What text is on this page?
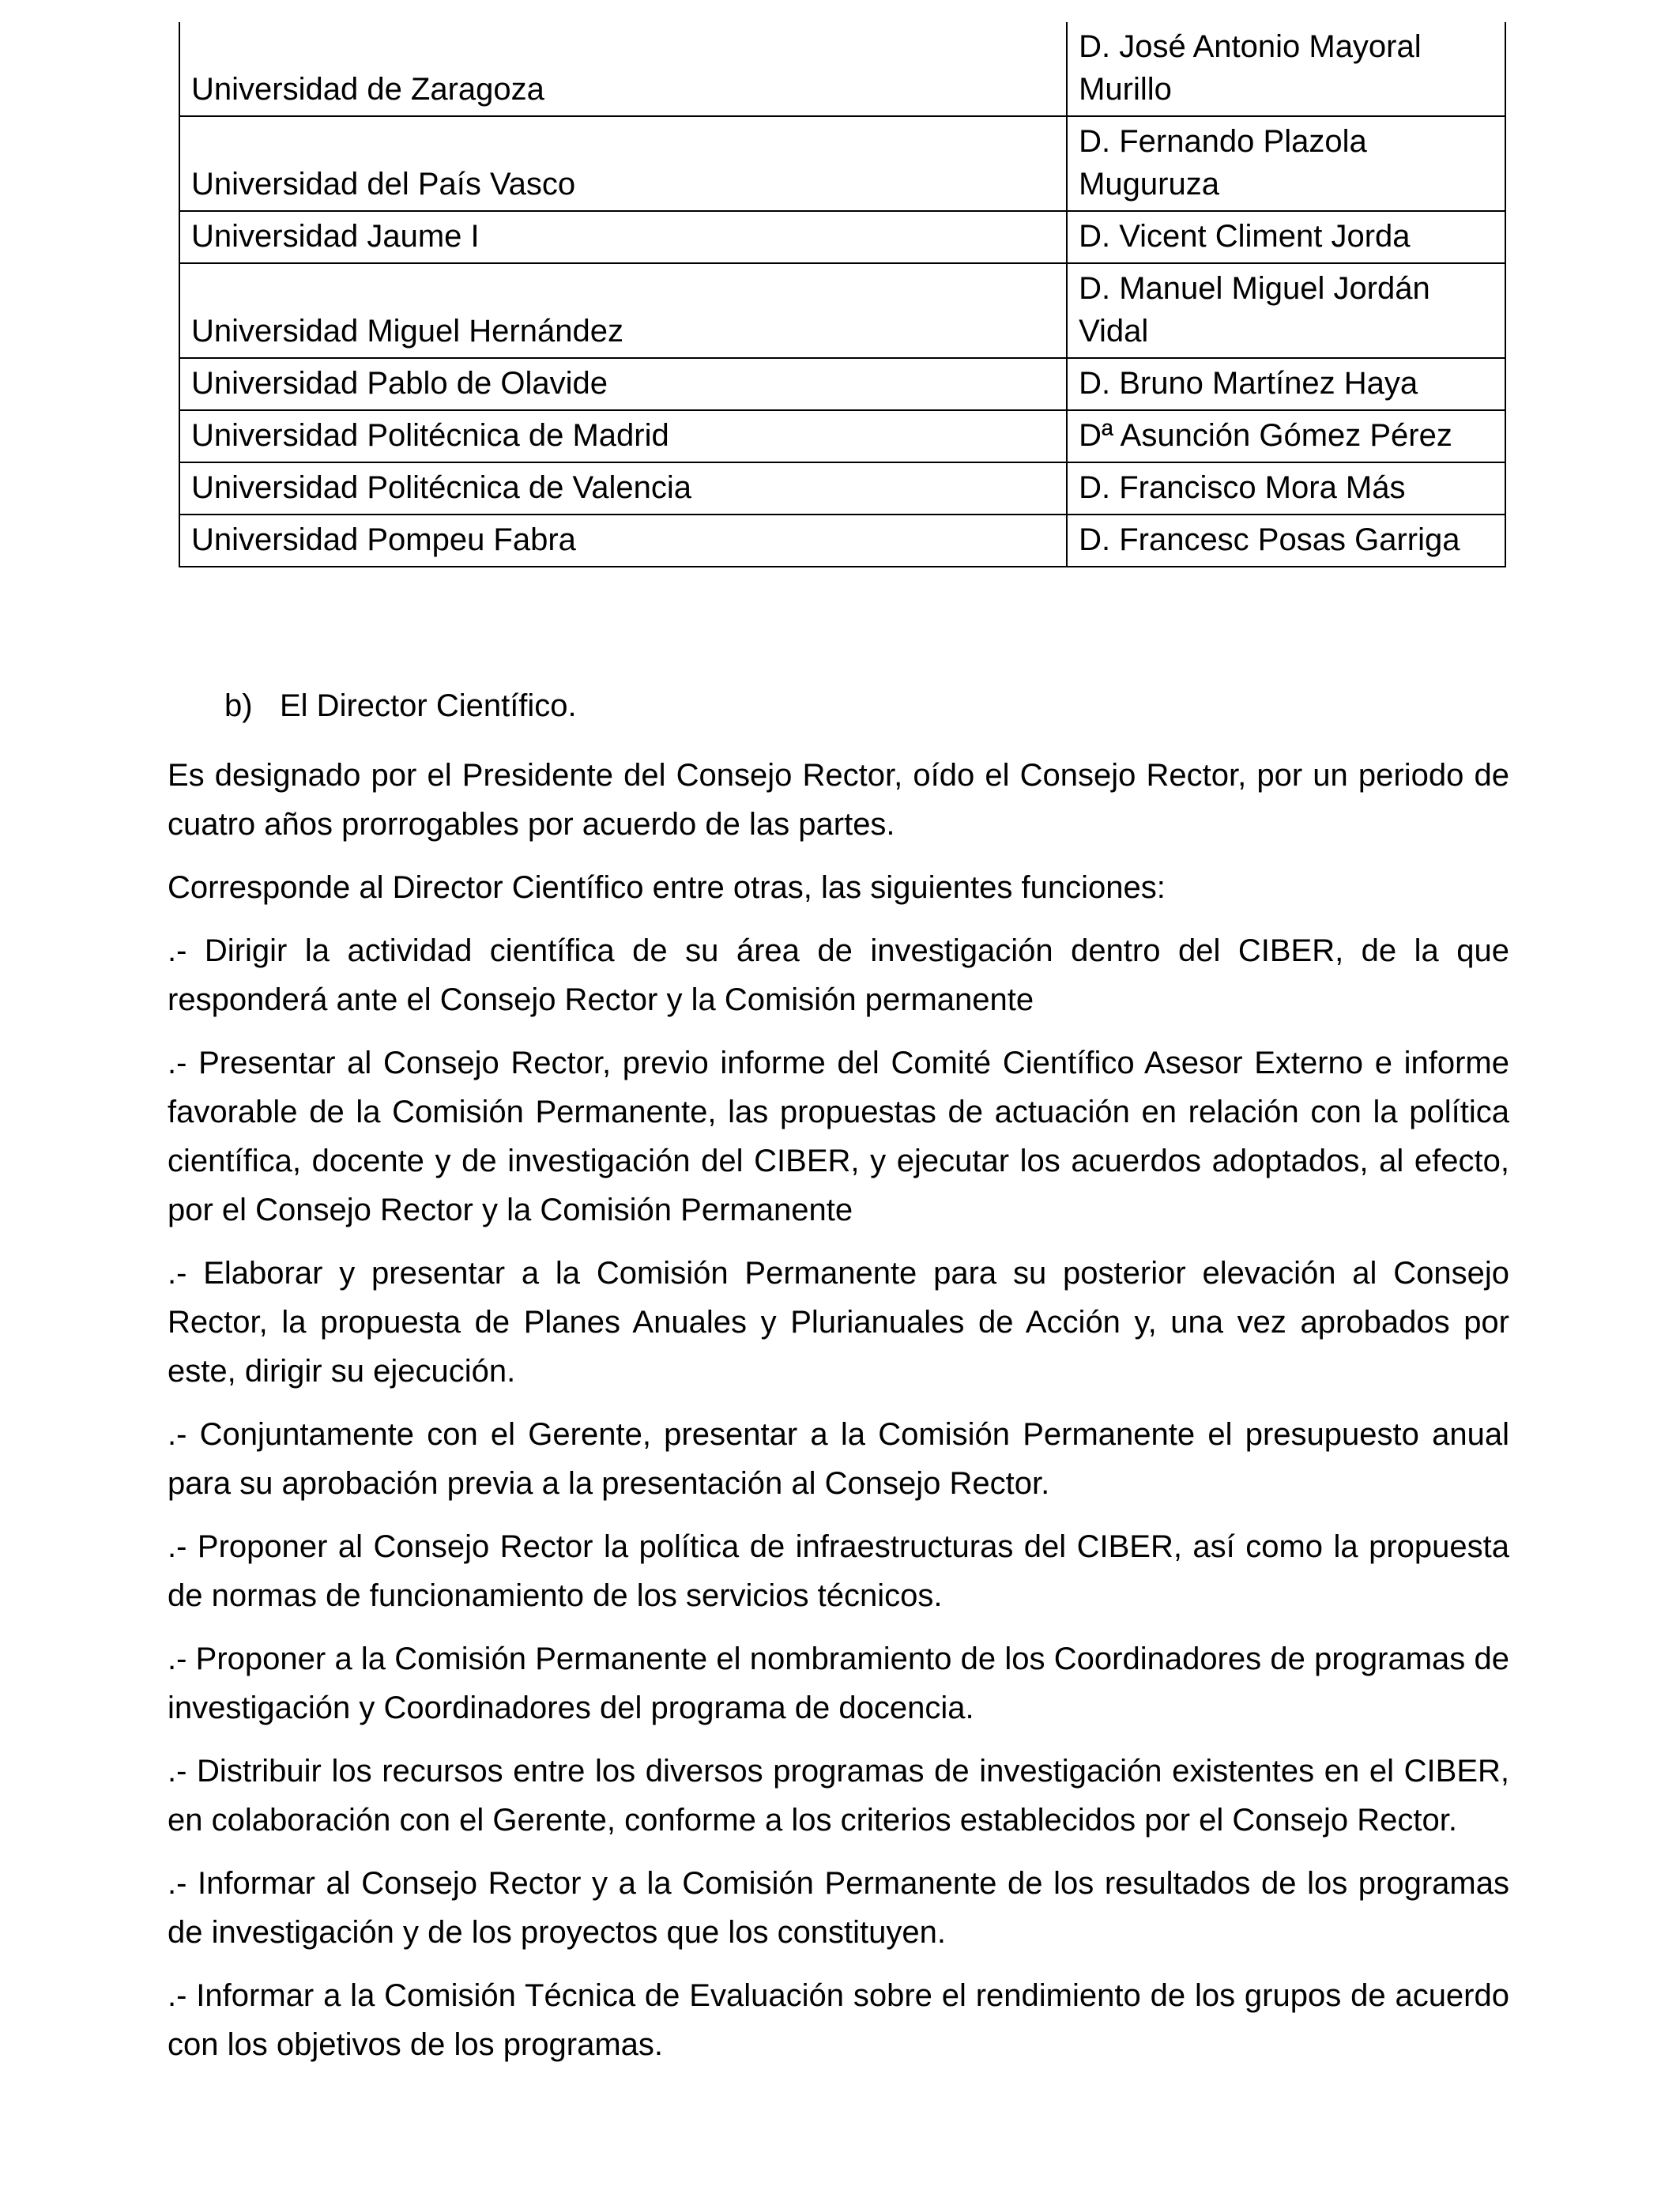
Universidad de Zaragoza	D. José Antonio Mayoral Murillo
Universidad del País Vasco	D. Fernando Plazola Muguruza
Universidad Jaume I	D. Vicent Climent Jorda
Universidad Miguel Hernández	D. Manuel Miguel Jordán Vidal
Universidad Pablo de Olavide	D. Bruno Martínez Haya
Universidad Politécnica de Madrid	Dª Asunción Gómez Pérez
Universidad Politécnica de Valencia	D. Francisco Mora Más
Universidad Pompeu Fabra	D. Francesc Posas Garriga
b) El Director Científico.

Es designado por el Presidente del Consejo Rector, oído el Consejo Rector, por un periodo de cuatro años prorrogables por acuerdo de las partes.

Corresponde al Director Científico entre otras, las siguientes funciones:

.- Dirigir la actividad científica de su área de investigación dentro del CIBER, de la que responderá ante el Consejo Rector y la Comisión permanente

.- Presentar al Consejo Rector, previo informe del Comité Científico Asesor Externo e informe favorable de la Comisión Permanente, las propuestas de actuación en relación con la política científica, docente y de investigación del CIBER, y ejecutar los acuerdos adoptados, al efecto, por el Consejo Rector y la Comisión Permanente

.- Elaborar y presentar a la Comisión Permanente para su posterior elevación al Consejo Rector, la propuesta de Planes Anuales y Plurianuales de Acción y, una vez aprobados por este, dirigir su ejecución.

.- Conjuntamente con el Gerente, presentar a la Comisión Permanente el presupuesto anual para su aprobación previa a la presentación al Consejo Rector.

.- Proponer al Consejo Rector la política de infraestructuras del CIBER, así como la propuesta de normas de funcionamiento de los servicios técnicos.

.- Proponer a la Comisión Permanente el nombramiento de los Coordinadores de programas de investigación y Coordinadores del programa de docencia.

.- Distribuir los recursos entre los diversos programas de investigación existentes en el CIBER, en colaboración con el Gerente, conforme a los criterios establecidos por el Consejo Rector.

.- Informar al Consejo Rector y a la Comisión Permanente de los resultados de los programas de investigación y de los proyectos que los constituyen.

.- Informar a la Comisión Técnica de Evaluación sobre el rendimiento de los grupos de acuerdo con los objetivos de los programas.
